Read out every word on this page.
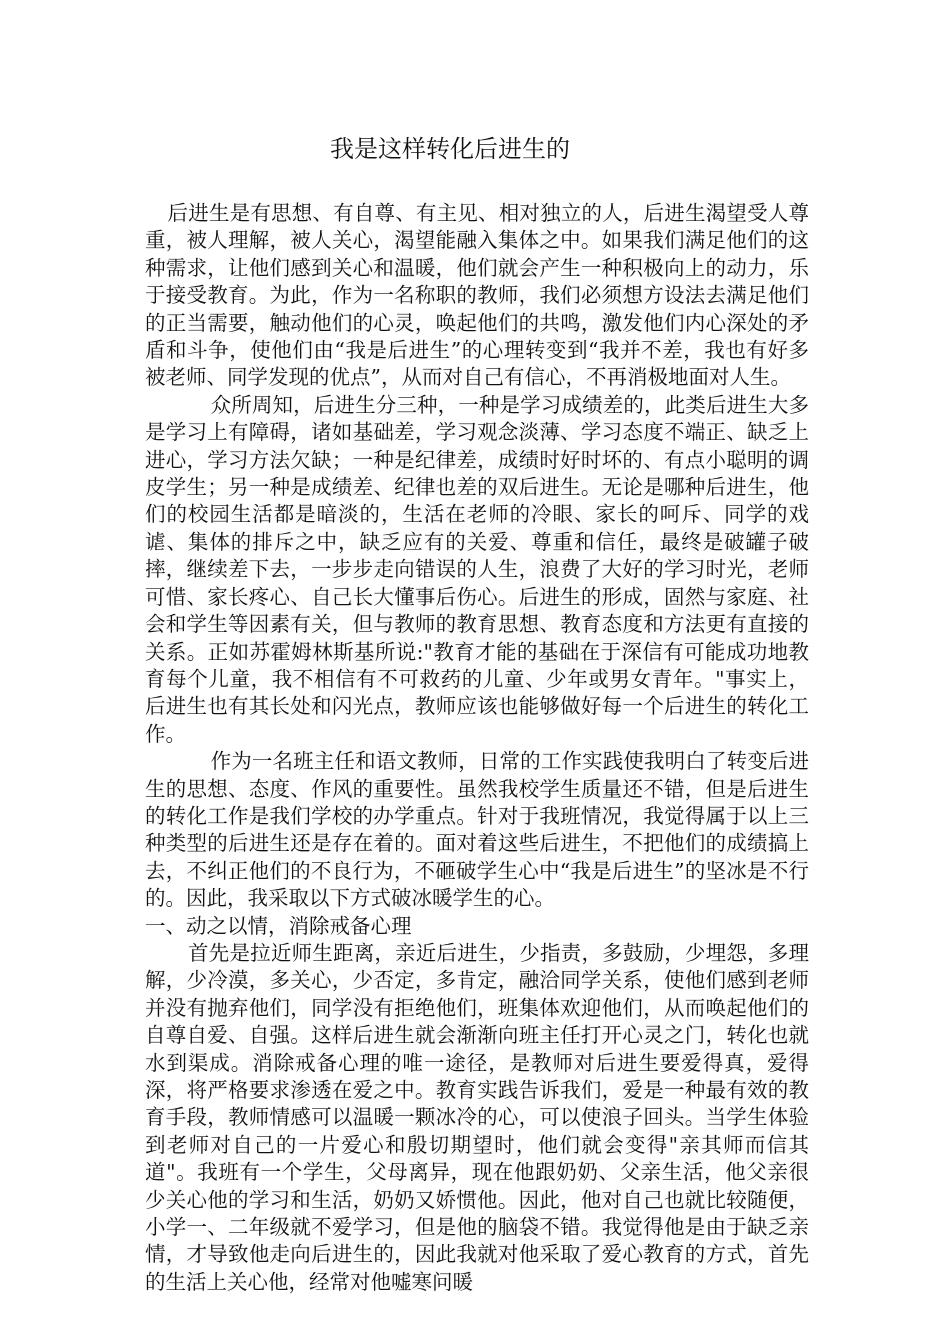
我是这样转化后进生的

后进生是有思想、有自尊、有主见、相对独立的人，后进生渴望受人尊重，被人理解，被人关心，渴望能融入集体之中。如果我们满足他们的这种需求，让他们感到关心和温暖，他们就会产生一种积极向上的动力，乐于接受教育。为此，作为一名称职的教师，我们必须想方设法去满足他们的正当需要，触动他们的心灵，唤起他们的共鸣，激发他们内心深处的矛盾和斗争，使他们由“我是后进生”的心理转变到“我并不差，我也有好多被老师、同学发现的优点”，从而对自己有信心，不再消极地面对人生。

众所周知，后进生分三种，一种是学习成绩差的，此类后进生大多是学习上有障碍，诸如基础差，学习观念淡薄、学习态度不端正、缺乏上进心，学习方法欠缺；一种是纪律差，成绩时好时坏的、有点小聪明的调皮学生；另一种是成绩差、纪律也差的双后进生。无论是哪种后进生，他们的校园生活都是暗淡的，生活在老师的冷眼、家长的呵斥、同学的戏谑、集体的排斥之中，缺乏应有的关爱、尊重和信任，最终是破罐子破摔，继续差下去，一步步走向错误的人生，浪费了大好的学习时光，老师可惜、家长疼心、自己长大懂事后伤心。后进生的形成，固然与家庭、社会和学生等因素有关，但与教师的教育思想、教育态度和方法更有直接的关系。正如苏霍姆林斯基所说:"教育才能的基础在于深信有可能成功地教育每个儿童，我不相信有不可救药的儿童、少年或男女青年。"事实上，后进生也有其长处和闪光点，教师应该也能够做好每一个后进生的转化工作。

作为一名班主任和语文教师，日常的工作实践使我明白了转变后进生的思想、态度、作风的重要性。虽然我校学生质量还不错，但是后进生的转化工作是我们学校的办学重点。针对于我班情况，我觉得属于以上三种类型的后进生还是存在着的。面对着这些后进生，不把他们的成绩搞上去，不纠正他们的不良行为，不砸破学生心中“我是后进生”的坚冰是不行的。因此，我采取以下方式破冰暖学生的心。

一、动之以情，消除戒备心理

首先是拉近师生距离，亲近后进生，少指责，多鼓励，少埋怨，多理解，少冷漠，多关心，少否定，多肯定，融洽同学关系，使他们感到老师并没有抛弃他们，同学没有拒绝他们，班集体欢迎他们，从而唤起他们的自尊自爱、自强。这样后进生就会渐渐向班主任打开心灵之门，转化也就水到渠成。消除戒备心理的唯一途径，是教师对后进生要爱得真，爱得深，将严格要求渗透在爱之中。教育实践告诉我们，爱是一种最有效的教育手段，教师情感可以温暖一颗冰冷的心，可以使浪子回头。当学生体验到老师对自己的一片爱心和殷切期望时，他们就会变得"亲其师而信其道"。我班有一个学生，父母离异，现在他跟奶奶、父亲生活，他父亲很少关心他的学习和生活，奶奶又娇惯他。因此，他对自己也就比较随便，小学一、二年级就不爱学习，但是他的脑袋不错。我觉得他是由于缺乏亲情，才导致他走向后进生的，因此我就对他采取了爱心教育的方式，首先的生活上关心他，经常对他嘘寒问暖
